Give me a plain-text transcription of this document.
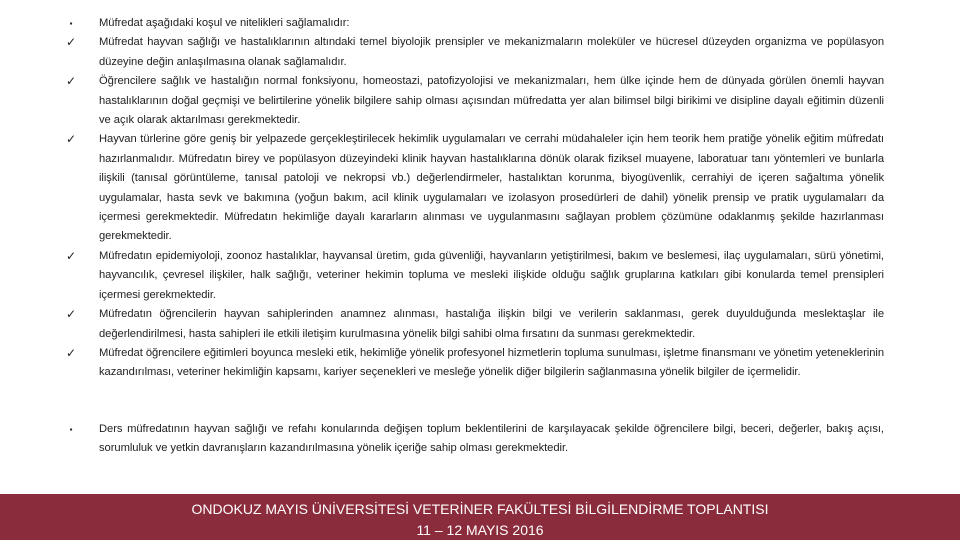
▪	Müfredat aşağıdaki koşul ve nitelikleri sağlamalıdır:
✓ Müfredat hayvan sağlığı ve hastalıklarının altındaki temel biyolojik prensipler ve mekanizmaların moleküler ve hücresel düzeyden organizma ve popülasyon düzeyine değin anlaşılmasına olanak sağlamalıdır.
✓ Öğrencilere sağlık ve hastalığın normal fonksiyonu, homeostazi, patofizyolojisi ve mekanizmaları, hem ülke içinde hem de dünyada görülen önemli hayvan hastalıklarının doğal geçmişi ve belirtilerine yönelik bilgilere sahip olması açısından müfredatta yer alan bilimsel bilgi birikimi ve disipline dayalı eğitimin düzenli ve açık olarak aktarılması gerekmektedir.
✓ Hayvan türlerine göre geniş bir yelpazede gerçekleştirilecek hekimlik uygulamaları ve cerrahi müdahaleler için hem teorik hem pratiğe yönelik eğitim müfredatı hazırlanmalıdır. Müfredatın birey ve popülasyon düzeyindeki klinik hayvan hastalıklarına dönük olarak fiziksel muayene, laboratuar tanı yöntemleri ve bunlarla ilişkili (tanısal görüntüleme, tanısal patoloji ve nekropsi vb.) değerlendirmeler, hastalıktan korunma, biyogüvenlik, cerrahiyi de içeren sağaltıma yönelik uygulamalar, hasta sevk ve bakımına (yoğun bakım, acil klinik uygulamaları ve izolasyon prosedürleri de dahil) yönelik prensip ve pratik uygulamaları da içermesi gerekmektedir. Müfredatın hekimliğe dayalı kararların alınması ve uygulanmasını sağlayan problem çözümüne odaklanmış şekilde hazırlanması gerekmektedir.
✓ Müfredatın epidemiyoloji, zoonoz hastalıklar, hayvansal üretim, gıda güvenliği, hayvanların yetiştirilmesi, bakım ve beslemesi, ilaç uygulamaları, sürü yönetimi, hayvancılık, çevresel ilişkiler, halk sağlığı, veteriner hekimin topluma ve mesleki ilişkide olduğu sağlık gruplarına katkıları gibi konularda temel prensipleri içermesi gerekmektedir.
✓ Müfredatın öğrencilerin hayvan sahiplerinden anamnez alınması, hastalığa ilişkin bilgi ve verilerin saklanması, gerek duyulduğunda meslektaşlar ile değerlendirilmesi, hasta sahipleri ile etkili iletişim kurulmasına yönelik bilgi sahibi olma fırsatını da sunması gerekmektedir.
✓ Müfredat öğrencilere eğitimleri boyunca mesleki etik, hekimliğe yönelik profesyonel hizmetlerin topluma sunulması, işletme finansmanı ve yönetim yeteneklerinin kazandırılması, veteriner hekimliğin kapsamı, kariyer seçenekleri ve mesleğe yönelik diğer bilgilerin sağlanmasına yönelik bilgiler de içermelidir.
▪	Ders müfredatının hayvan sağlığı ve refahı konularında değişen toplum beklentilerini de karşılayacak şekilde öğrencilere bilgi, beceri, değerler, bakış açısı, sorumluluk ve yetkin davranışların kazandırılmasına yönelik içeriğe sahip olması gerekmektedir.
ONDOKUZ MAYIS ÜNİVERSİTESİ VETERİNER FAKÜLTESİ BİLGİLENDİRME TOPLANTISI
11 – 12 MAYIS 2016
